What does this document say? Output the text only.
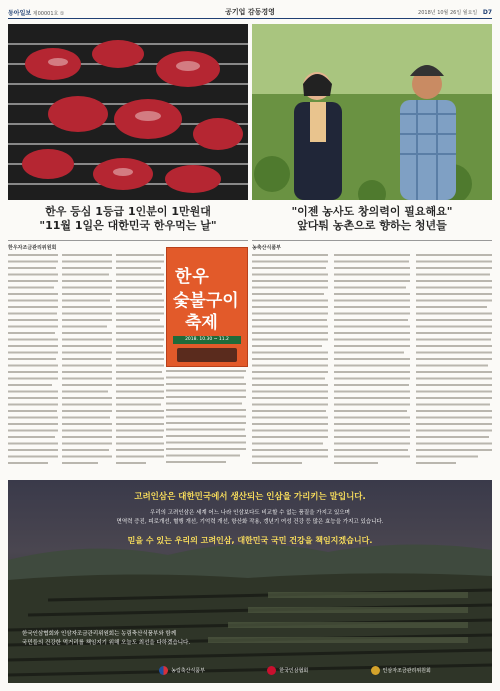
동아일보 제00001호 ①	공기업 감동경영	2018년 10월 26일 월요일 D7
한우 등심 1등급 1인분이 1만원대
"11월 1일은 대한민국 한우먹는 날"
"이젠 농사도 창의력이 필요해요"
앞다퉈 농촌으로 향하는 청년들
한우자조금관리위원회	농축산식품부
한우
숯불구이
축제
2018. 10.30 ~ 11.2
고려인삼은 대한민국에서 생산되는 인삼을 가리키는 말입니다.
우리의 고려인삼은 세계 어느 나라 인삼보다도 비교할 수 없는 품질을 가지고 있으며
면역력 증진, 피로개선, 혈행 개선, 기억력 개선, 항산화 작용, 갱년기 여성 건강 등 많은 효능을 가지고 있습니다.
믿을 수 있는 우리의 고려인삼, 대한민국 국민 건강을 책임지겠습니다.
한국인삼협회와 인삼자조금관리위원회는 농림축산식품부와 함께
국민들의 건강한 먹거리를 책임지기 위해 오늘도 최선을 다하겠습니다.
농림축산식품부	한국인삼협회	인삼자조금관리위원회
